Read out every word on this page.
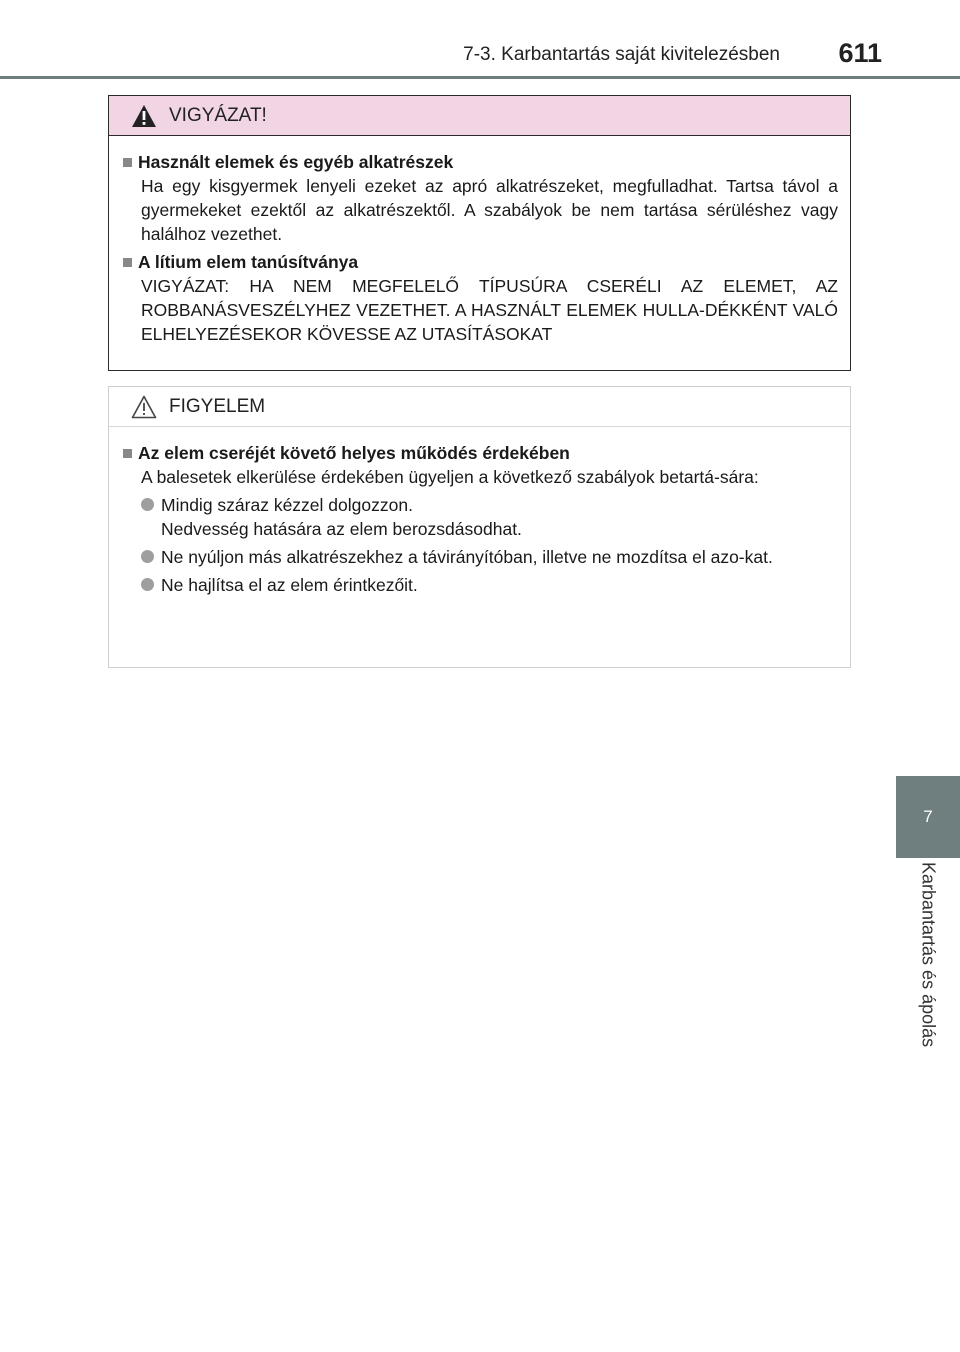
7-3. Karbantartás saját kivitelezésben 611
7
Karbantartás és ápolás
VIGYÁZAT!
Használt elemek és egyéb alkatrészek
Ha egy kisgyermek lenyeli ezeket az apró alkatrészeket, megfulladhat. Tartsa távol a gyermekeket ezektől az alkatrészektől. A szabályok be nem tartása sérüléshez vagy halálhoz vezethet.
A lítium elem tanúsítványa
VIGYÁZAT: HA NEM MEGFELELŐ TÍPUSÚRA CSERÉLI AZ ELEMET, AZ ROBBANÁSVESZÉLYHEZ VEZETHET. A HASZNÁLT ELEMEK HULLA-DÉKKÉNT VALÓ ELHELYEZÉSEKOR KÖVESSE AZ UTASÍTÁSOKAT
FIGYELEM
Az elem cseréjét követő helyes működés érdekében
A balesetek elkerülése érdekében ügyeljen a következő szabályok betartá-sára:
Mindig száraz kézzel dolgozzon.
Nedvesség hatására az elem berozsdásodhat.
Ne nyúljon más alkatrészekhez a távirányítóban, illetve ne mozdítsa el azo-kat.
Ne hajlítsa el az elem érintkezőit.
